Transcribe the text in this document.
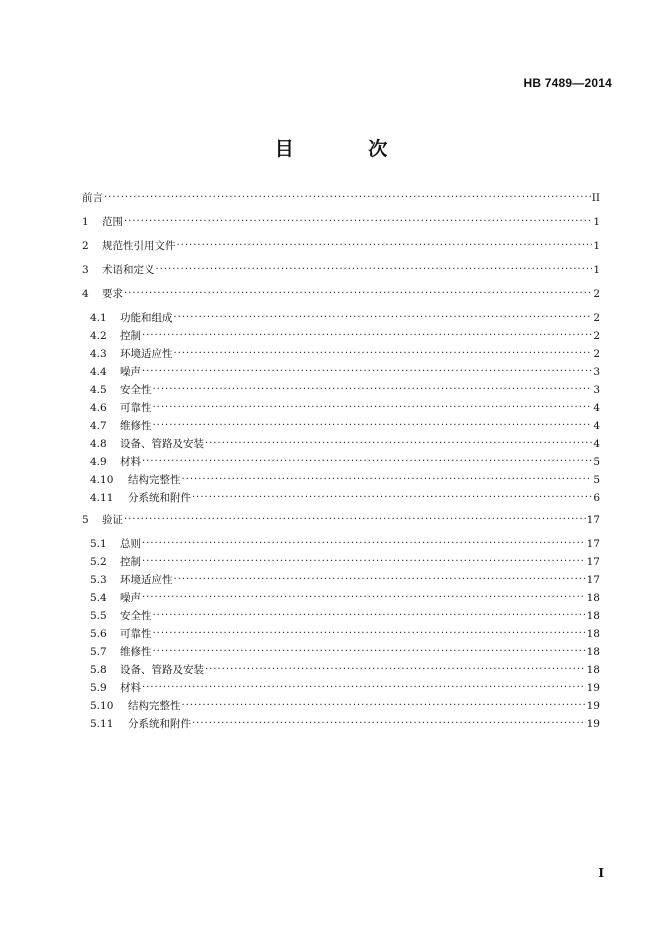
HB 7489—2014
目 次
前言 ·····	II
1	范围 ·····	1
2	规范性引用文件 ·····	1
3	术语和定义 ·····	1
4	要求 ·····	2
4.1	功能和组成 ·····	2
4.2	控制 ·····	2
4.3	环境适应性 ·····	2
4.4	噪声 ·····	3
4.5	安全性 ·····	3
4.6	可靠性 ·····	4
4.7	维修性 ·····	4
4.8	设备、管路及安装 ·····	4
4.9	材料 ·····	5
4.10	结构完整性 ·····	5
4.11	分系统和附件 ·····	6
5	验证 ·····	17
5.1	总则 ·····	17
5.2	控制 ·····	17
5.3	环境适应性 ·····	17
5.4	噪声 ·····	18
5.5	安全性 ·····	18
5.6	可靠性 ·····	18
5.7	维修性 ·····	18
5.8	设备、管路及安装 ·····	18
5.9	材料 ·····	19
5.10	结构完整性 ·····	19
5.11	分系统和附件 ·····	19
I
